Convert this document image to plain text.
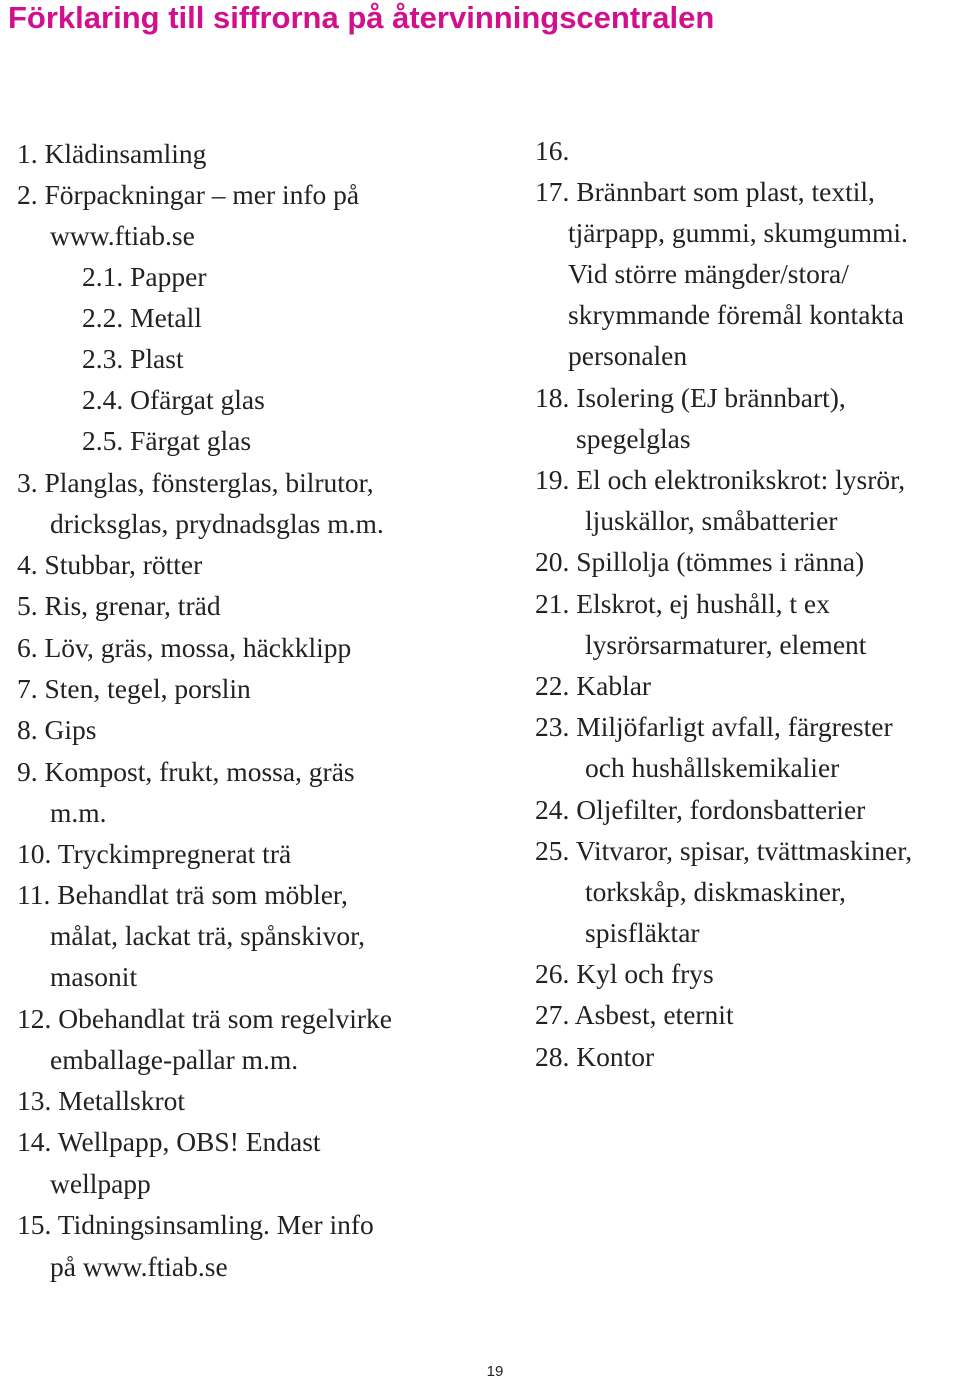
Förklaring till siffrorna på återvinningscentralen
1. Klädinsamling
2. Förpackningar – mer info på
www.ftiab.se
2.1. Papper
2.2. Metall
2.3. Plast
2.4. Ofärgat glas
2.5. Färgat glas
3. Planglas, fönsterglas, bilrutor,
dricksglas, prydnadsglas m.m.
4. Stubbar, rötter
5. Ris, grenar, träd
6. Löv, gräs, mossa, häckklipp
7. Sten, tegel, porslin
8. Gips
9. Kompost, frukt, mossa, gräs
m.m.
10. Tryckimpregnerat trä
11. Behandlat trä som möbler,
målat, lackat trä, spånskivor,
masonit
12. Obehandlat trä som regelvirke
emballage-pallar m.m.
13. Metallskrot
14. Wellpapp, OBS! Endast
wellpapp
15. Tidningsinsamling. Mer info
på www.ftiab.se
16.
17. Brännbart som plast, textil,
tjärpapp, gummi, skumgummi.
Vid större mängder/stora/
skrymmande föremål kontakta
personalen
18. Isolering (EJ brännbart),
spegelglas
19. El och elektronikskrot: lysrör,
ljuskällor, småbatterier
20. Spillolja (tömmes i ränna)
21. Elskrot, ej hushåll, t ex
lysrörsarmaturer, element
22. Kablar
23. Miljöfarligt avfall, färgrester
och hushållskemikalier
24. Oljefilter, fordonsbatterier
25. Vitvaror, spisar, tvättmaskiner,
torkskåp, diskmaskiner,
spisfläktar
26. Kyl och frys
27. Asbest, eternit
28. Kontor
19
